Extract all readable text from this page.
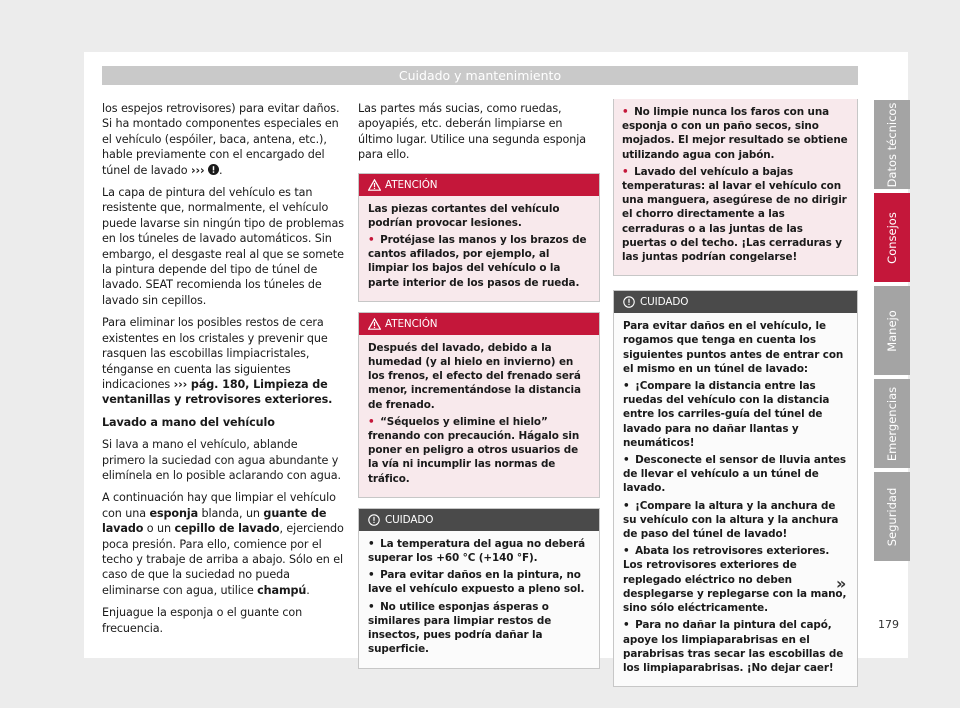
Cuidado y mantenimiento

los espejos retrovisores) para evitar daños. Si ha montado componentes especiales en el vehículo (espóiler, baca, antena, etc.), hable previamente con el encargado del túnel de lavado ››› .

La capa de pintura del vehículo es tan resistente que, normalmente, el vehículo puede lavarse sin ningún tipo de problemas en los túneles de lavado automáticos. Sin embargo, el desgaste real al que se somete la pintura depende del tipo de túnel de lavado. SEAT recomienda los túneles de lavado sin cepillos.

Para eliminar los posibles restos de cera existentes en los cristales y prevenir que rasquen las escobillas limpiacristales, ténganse en cuenta las siguientes indicaciones ››› pág. 180, Limpieza de ventanillas y retrovisores exteriores.

Lavado a mano del vehículo

Si lava a mano el vehículo, ablande primero la suciedad con agua abundante y elimínela en lo posible aclarando con agua.

A continuación hay que limpiar el vehículo con una esponja blanda, un guante de lavado o un cepillo de lavado, ejerciendo poca presión. Para ello, comience por el techo y trabaje de arriba a abajo. Sólo en el caso de que la suciedad no pueda eliminarse con agua, utilice champú.

Enjuague la esponja o el guante con frecuencia.

Las partes más sucias, como ruedas, apoyapiés, etc. deberán limpiarse en último lugar. Utilice una segunda esponja para ello.

ATENCIÓN

Las piezas cortantes del vehículo podrían provocar lesiones.

• Protéjase las manos y los brazos de cantos afilados, por ejemplo, al limpiar los bajos del vehículo o la parte interior de los pasos de rueda.

ATENCIÓN

Después del lavado, debido a la humedad (y al hielo en invierno) en los frenos, el efecto del frenado será menor, incrementándose la distancia de frenado.

• “Séquelos y elimine el hielo” frenando con precaución. Hágalo sin poner en peligro a otros usuarios de la vía ni incumplir las normas de tráfico.

CUIDADO

• La temperatura del agua no deberá superar los +60 °C (+140 °F).

• Para evitar daños en la pintura, no lave el vehículo expuesto a pleno sol.

• No utilice esponjas ásperas o similares para limpiar restos de insectos, pues podría dañar la superficie.

• No limpie nunca los faros con una esponja o con un paño secos, sino mojados. El mejor resultado se obtiene utilizando agua con jabón.

• Lavado del vehículo a bajas temperaturas: al lavar el vehículo con una manguera, asegúrese de no dirigir el chorro directamente a las cerraduras o a las juntas de las puertas o del techo. ¡Las cerraduras y las juntas podrían congelarse!

CUIDADO

Para evitar daños en el vehículo, le rogamos que tenga en cuenta los siguientes puntos antes de entrar con el mismo en un túnel de lavado:

• ¡Compare la distancia entre las ruedas del vehículo con la distancia entre los carriles-guía del túnel de lavado para no dañar llantas y neumáticos!

• Desconecte el sensor de lluvia antes de llevar el vehículo a un túnel de lavado.

• ¡Compare la altura y la anchura de su vehículo con la altura y la anchura de paso del túnel de lavado!

• Abata los retrovisores exteriores. Los retrovisores exteriores de replegado eléctrico no deben desplegarse y replegarse con la mano, sino sólo eléctricamente.

• Para no dañar la pintura del capó, apoye los limpiaparabrisas en el parabrisas tras secar las escobillas de los limpiaparabrisas. ¡No dejar caer!

»
Datos técnicos
Consejos
Manejo
Emergencias
Seguridad
179
